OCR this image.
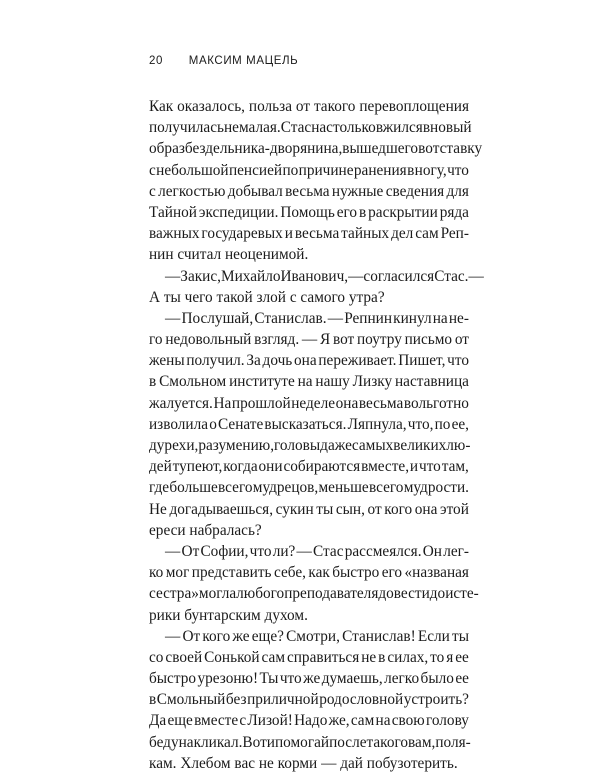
20 МАКСИМ МАЦЕЛЬ
Как оказалось, польза от такого перевоплощения
получилась немалая. Стас настолько вжился в новый
образ бездельника-дворянина, вышедшего в отставку
с небольшой пенсией по причине ранения в ногу, что
с легкостью добывал весьма нужные сведения для
Тайной экспедиции. Помощь его в раскрытии ряда
важных государевых и весьма тайных дел сам Реп-
нин считал неоценимой.
— Закис, Михайло Иванович, — согласился Стас. —
А ты чего такой злой с самого утра?
— Послушай, Станислав. — Репнин кинул на не-
го недовольный взгляд. — Я вот поутру письмо от
жены получил. За дочь она переживает. Пишет, что
в Смольном институте на нашу Лизку наставница
жалуется. На прошлой неделе она весьма вольготно
изволила о Сенате высказаться. Ляпнула, что, по ее,
дурехи, разумению, головы даже самых великих лю-
дей тупеют, когда они собираются вместе, и что там,
где больше всего мудрецов, меньше всего мудрости.
Не догадываешься, сукин ты сын, от кого она этой
ереси набралась?
— От Софии, что ли? — Стас рассмеялся. Он лег-
ко мог представить себе, как быстро его «названая
сестра» могла любого преподавателя довести до исте-
рики бунтарским духом.
— От кого же еще? Смотри, Станислав! Если ты
со своей Сонькой сам справиться не в силах, то я ее
быстро урезоню! Ты что же думаешь, легко было ее
в Смольный без приличной родословной устроить?
Да еще вместе с Лизой! Надо же, сам на свою голову
беду накликал. Вот и помогай после такого вам, поля-
кам. Хлебом вас не корми — дай побузотерить.
